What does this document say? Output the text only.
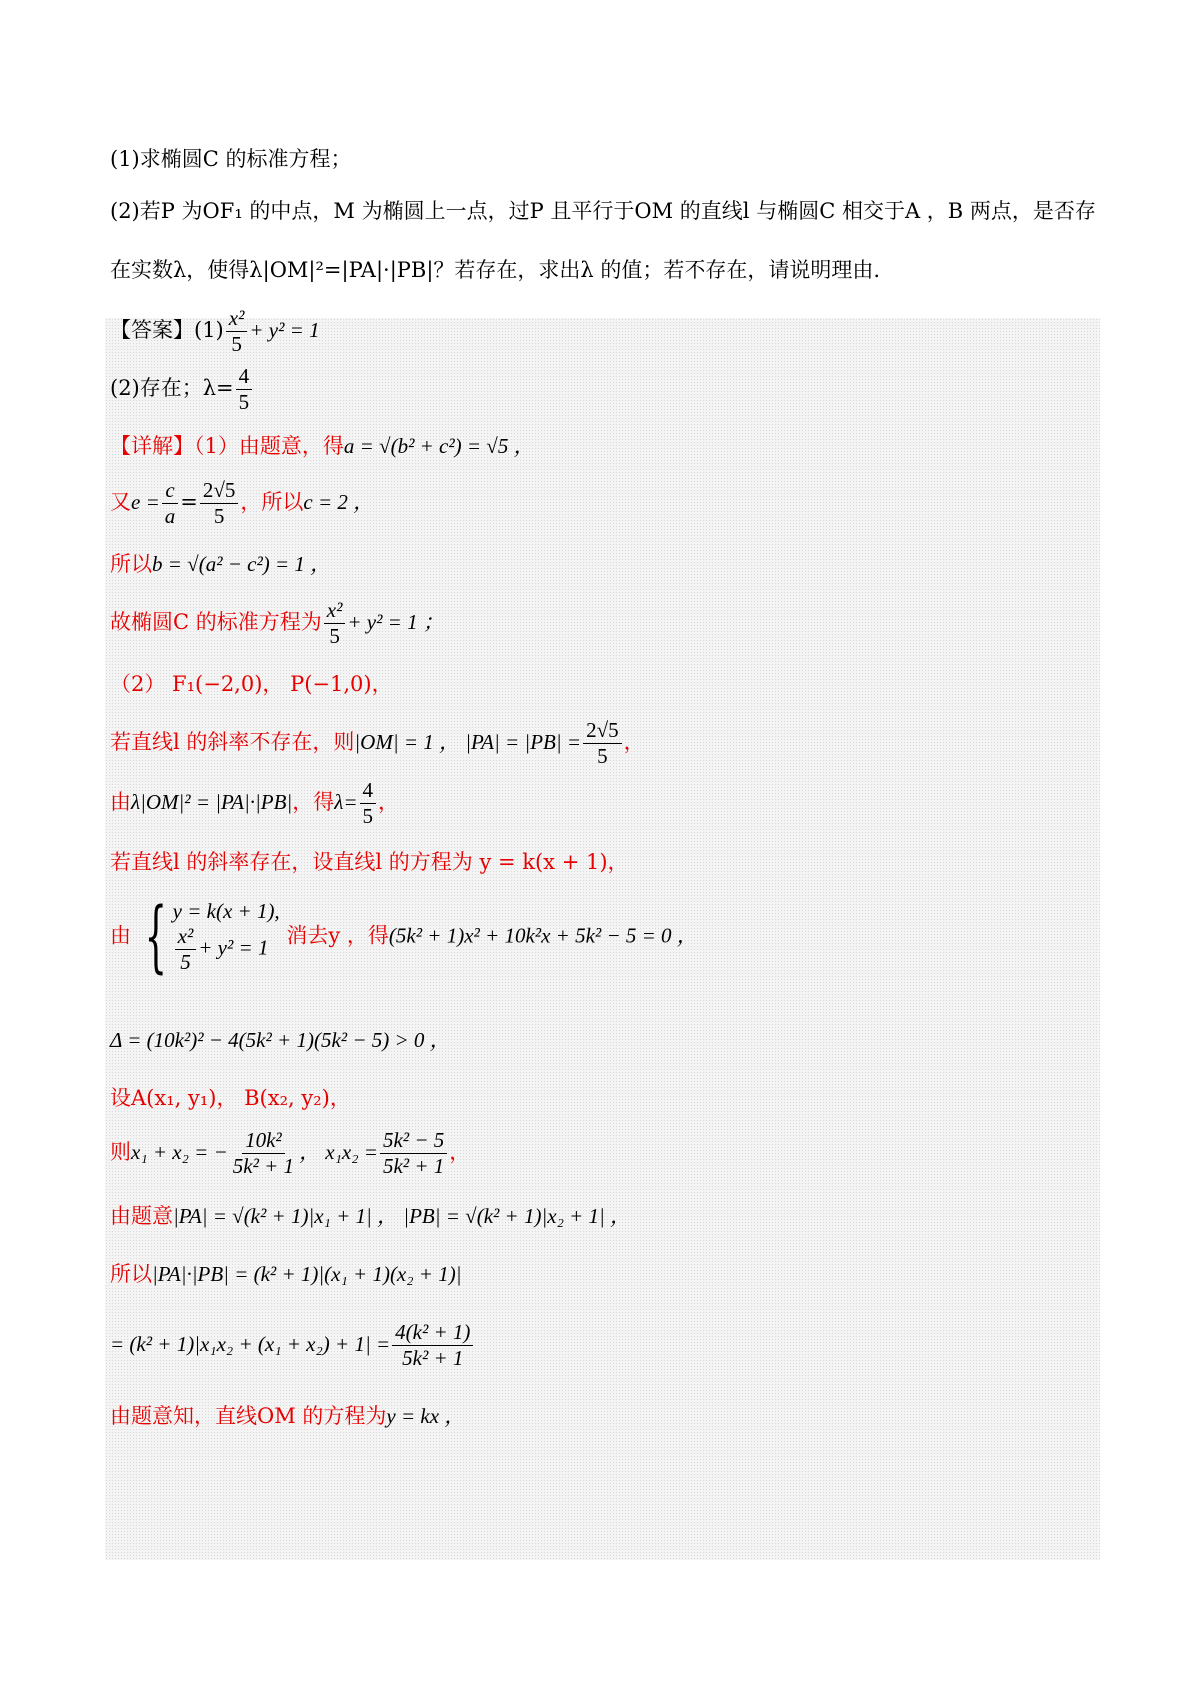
(1)求椭圆C 的标准方程；
(2)若P 为OF₁ 的中点，M 为椭圆上一点，过P 且平行于OM 的直线l 与椭圆C 相交于A ，B 两点，是否存
在实数λ，使得λ|OM|²=|PA|·|PB|？若存在，求出λ 的值；若不存在，请说明理由.
【答案】$(1) \frac{\text{x²}}{5} + y^2 = 1$
(2)存在；$\lambda= \frac{4}{5}$
【详解】（1）由题意，得a = √(b² + c²) = √5 ，
又$e = \frac{c}{a} = \frac{2√5}{5}$ ，所以c = 2 ，
所以b = √(a² − c²) = 1 ，
故椭圆C 的标准方程为 $\frac{\text{x²}}{5} + y^2 = 1$ ；
（2） F₁(−2,0)， P(−1,0)，
若直线l 的斜率不存在，则|OM| = 1 ， $|PA| = |PB| = \frac{2√5}{5}$ ，
由λ|OM|² = |PA|·|PB|，得$\lambda= \frac{4}{5}$ ，
若直线l 的斜率存在，设直线l 的方程为 y = k(x + 1)，
由 { y = k(x + 1),
$\frac{\text{x²}}{5} + y^2 = 1$ 消去y ，得(5k² + 1)x² + 10k²x + 5k² − 5 = 0 ，
Δ = (10k²)² − 4(5k² + 1)(5k² − 5) > 0 ，
设A(x₁, y₁)， B(x₂, y₂)，
则x₁ + x₂ = − $\frac{\text{10k²}}{\text{5k² + 1}}$ ， $x_1x_2 = \frac{\text{5k² − 5}}{\text{5k² + 1}}$ ，
由题意|PA| = √(k² + 1)|x₁ + 1| ， |PB| = √(k² + 1)|x₂ + 1| ，
所以|PA|·|PB| = (k² + 1)|(x₁ + 1)(x₂ + 1)|
= $(k^2 + 1)|x_1x_2 + (x_1 + x_2) + 1| = \frac{\text{4(k² + 1)}}{\text{5k² + 1}}$
由题意知，直线OM 的方程为y = kx ，
